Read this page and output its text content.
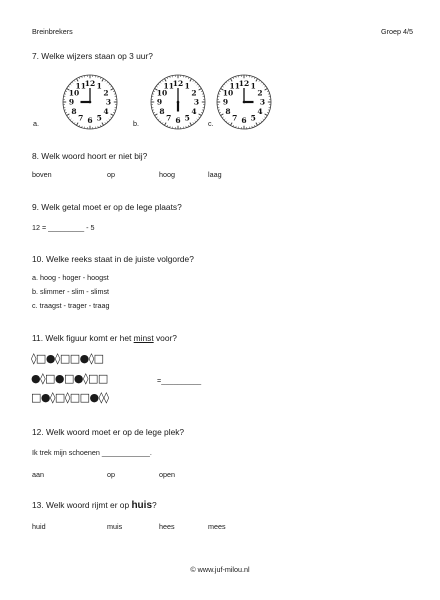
Breinbrekers	Groep 4/5
7. Welke wijzers staan op 3 uur?
a.
12 1
2
3
4
5
6
7
8
9
10
11
b.
12 1
2
3
4
5
6
7
8
9
10
11
c.
12 1
2
3
4
5
6
7
8
9
10
11
8. Welk woord hoort er niet bij?
boven	op	hoog	laag
9. Welk getal moet er op de lege plaats?
12 = _________ - 5
10. Welke reeks staat in de juiste volgorde?
a. hoog - hoger - hoogst
b. slimmer - slim - slimst
c. traagst - trager - traag
11. Welk figuur komt er het minst voor?
◊□●◊□□●◊□
●◊□●□●◊□□	=__________
□●◊□◊□□●◊◊
12. Welk woord moet er op de lege plek?
Ik trek mijn schoenen ____________.
aan	op	open
13. Welk woord rijmt er op huis?
huid	muis	hees	mees
© www.juf-milou.nl
